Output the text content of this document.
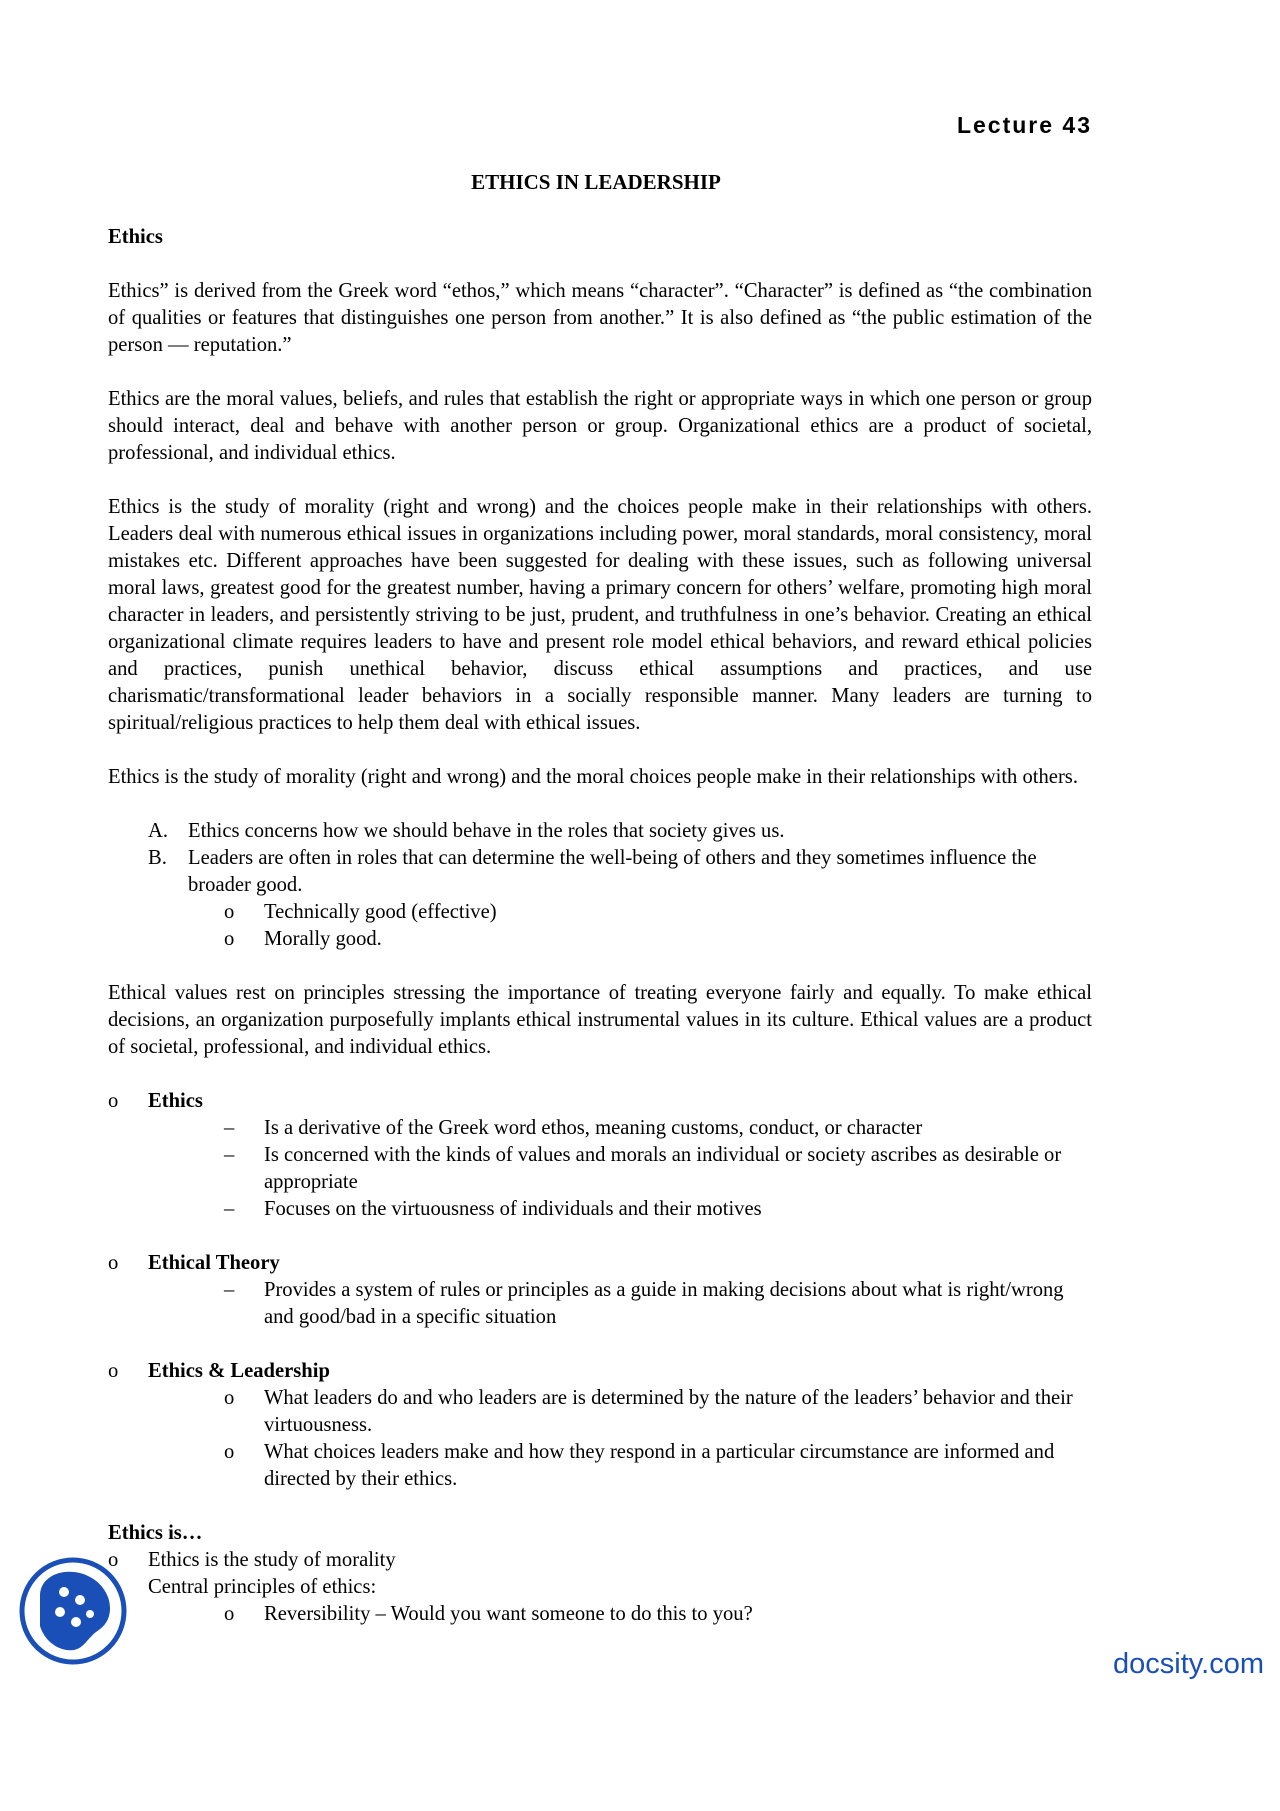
Lecture 43
ETHICS IN LEADERSHIP

Ethics

Ethics” is derived from the Greek word “ethos,” which means “character”. “Character” is defined as “the combination of qualities or features that distinguishes one person from another.” It is also defined as “the public estimation of the person — reputation.”

Ethics are the moral values, beliefs, and rules that establish the right or appropriate ways in which one person or group should interact, deal and behave with another person or group. Organizational ethics are a product of societal, professional, and individual ethics.

Ethics is the study of morality (right and wrong) and the choices people make in their relationships with others. Leaders deal with numerous ethical issues in organizations including power, moral standards, moral consistency, moral mistakes etc. Different approaches have been suggested for dealing with these issues, such as following universal moral laws, greatest good for the greatest number, having a primary concern for others’ welfare, promoting high moral character in leaders, and persistently striving to be just, prudent, and truthfulness in one’s behavior. Creating an ethical organizational climate requires leaders to have and present role model ethical behaviors, and reward ethical policies and practices, punish unethical behavior, discuss ethical assumptions and practices, and use charismatic/transformational leader behaviors in a socially responsible manner. Many leaders are turning to spiritual/religious practices to help them deal with ethical issues.

Ethics is the study of morality (right and wrong) and the moral choices people make in their relationships with others.

A. Ethics concerns how we should behave in the roles that society gives us.
B.	Leaders are often in roles that can determine the well-being of others and they sometimes influence the broader good.
o	Technically good (effective)
o	Morally good.

Ethical values rest on principles stressing the importance of treating everyone fairly and equally. To make ethical decisions, an organization purposefully implants ethical instrumental values in its culture. Ethical values are a product of societal, professional, and individual ethics.

o	Ethics
–	Is a derivative of the Greek word ethos, meaning customs, conduct, or character
–	Is concerned with the kinds of values and morals an individual or society ascribes as desirable or appropriate
–	Focuses on the virtuousness of individuals and their motives
o	Ethical Theory
–	Provides a system of rules or principles as a guide in making decisions about what is right/wrong and good/bad in a specific situation
o	Ethics & Leadership
o	What leaders do and who leaders are is determined by the nature of the leaders’ behavior and their virtuousness.
o	What choices leaders make and how they respond in a particular circumstance are informed and directed by their ethics.

Ethics is…

o	Ethics is the study of morality
Central principles of ethics:
o	Reversibility – Would you want someone to do this to you?
docsity.com
